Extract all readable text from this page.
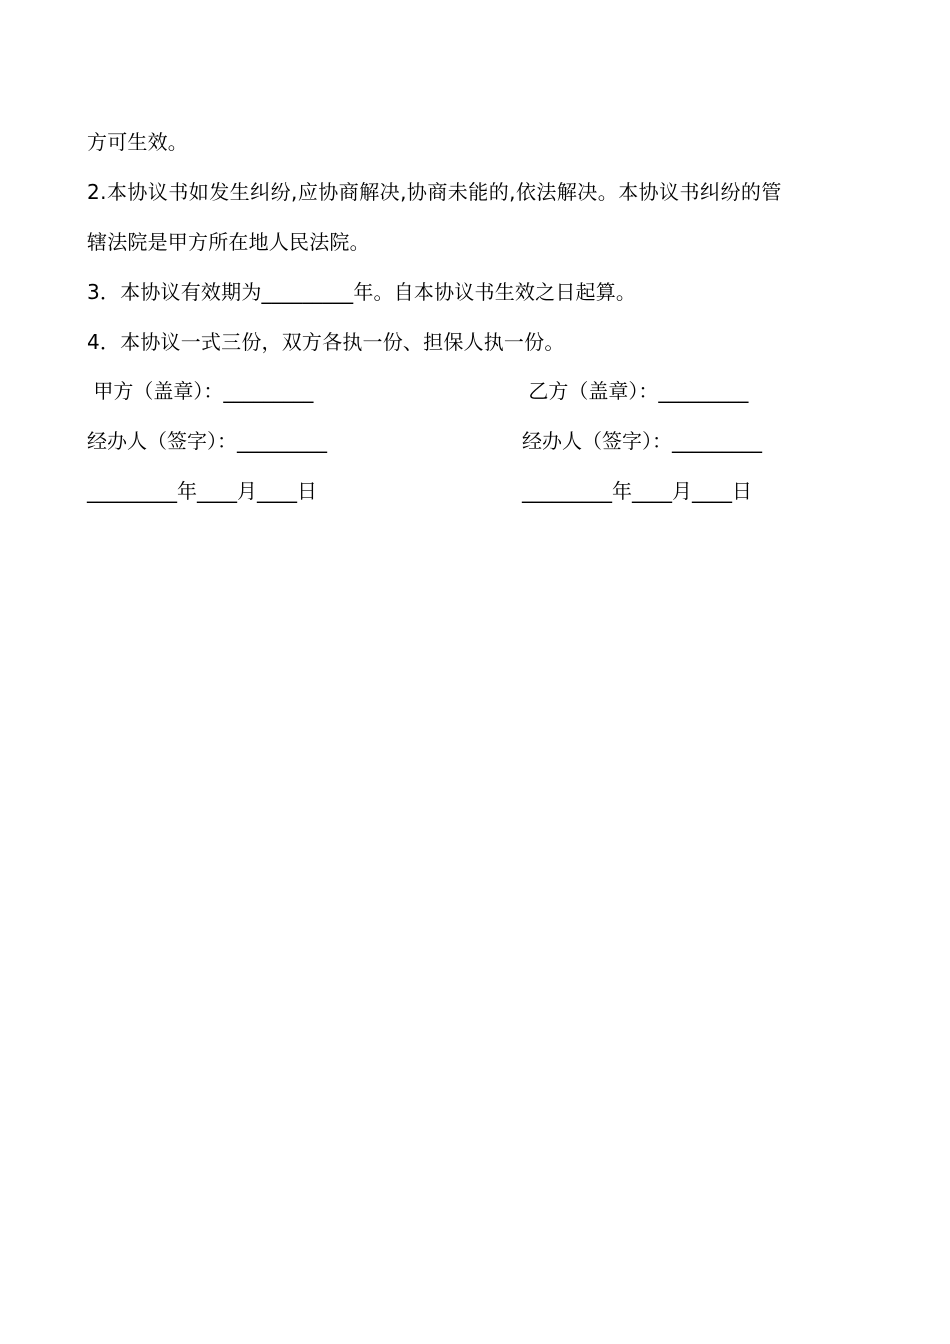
方可生效。
2.本协议书如发生纠纷,应协商解决,协商未能的,依法解决。本协议书纠纷的管
辖法院是甲方所在地人民法院。
3．本协议有效期为_________年。自本协议书生效之日起算。
4．本协议一式三份，双方各执一份、担保人执一份。
甲方（盖章）：_________	乙方（盖章）：_________
经办人（签字）：_________	经办人（签字）：_________
_________年____月____日	_________年____月____日
